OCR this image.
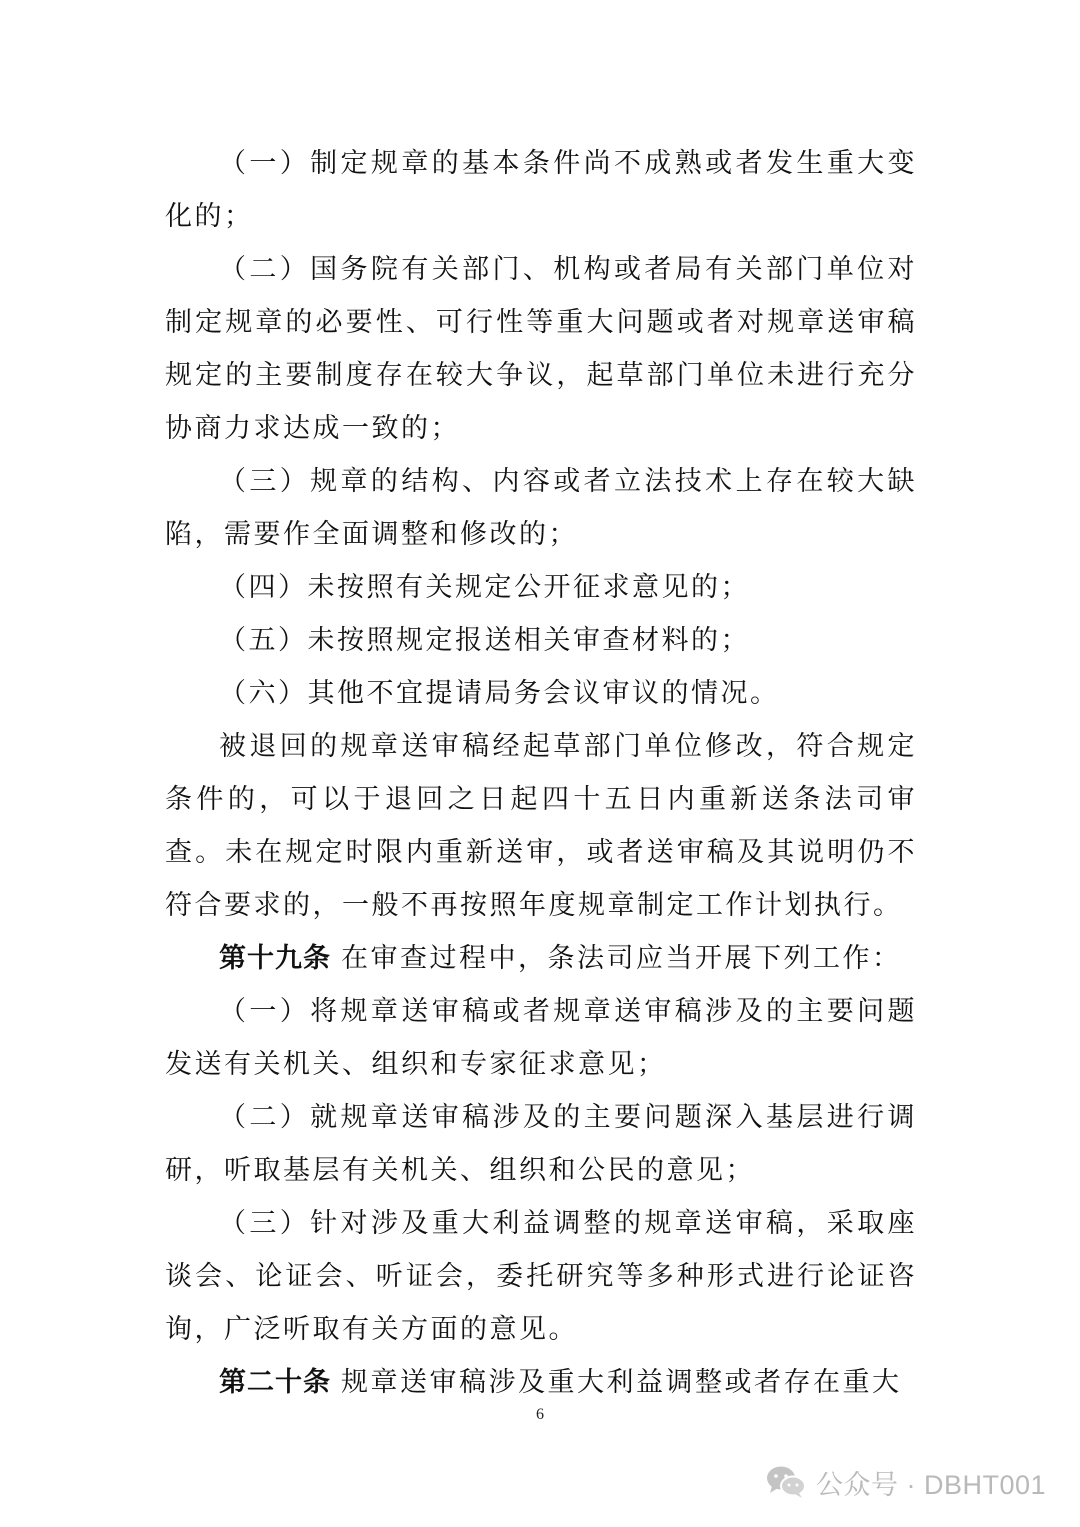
（一）制定规章的基本条件尚不成熟或者发生重大变化的；

（二）国务院有关部门、机构或者局有关部门单位对制定规章的必要性、可行性等重大问题或者对规章送审稿规定的主要制度存在较大争议，起草部门单位未进行充分协商力求达成一致的；

（三）规章的结构、内容或者立法技术上存在较大缺陷，需要作全面调整和修改的；

（四）未按照有关规定公开征求意见的；

（五）未按照规定报送相关审查材料的；

（六）其他不宜提请局务会议审议的情况。

被退回的规章送审稿经起草部门单位修改，符合规定条件的，可以于退回之日起四十五日内重新送条法司审查。未在规定时限内重新送审，或者送审稿及其说明仍不符合要求的，一般不再按照年度规章制定工作计划执行。

第十九条 在审查过程中，条法司应当开展下列工作：

（一）将规章送审稿或者规章送审稿涉及的主要问题发送有关机关、组织和专家征求意见；

（二）就规章送审稿涉及的主要问题深入基层进行调研，听取基层有关机关、组织和公民的意见；

（三）针对涉及重大利益调整的规章送审稿，采取座谈会、论证会、听证会，委托研究等多种形式进行论证咨询，广泛听取有关方面的意见。

第二十条 规章送审稿涉及重大利益调整或者存在重大

6
公众号 · DBHT001
